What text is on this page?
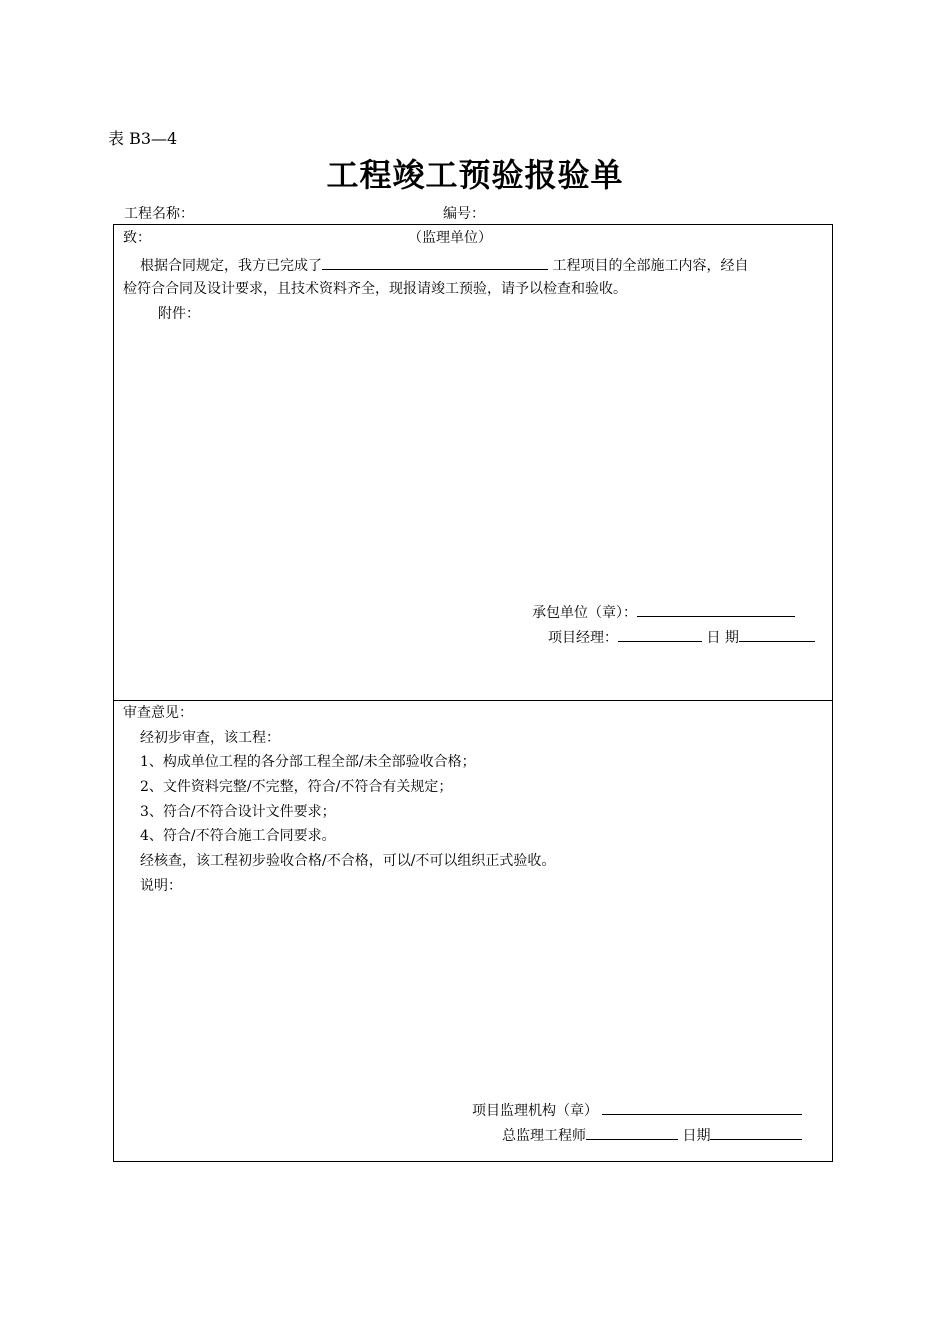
表 B3—4
工程竣工预验报验单
工程名称：	编号：
致：	（监理单位）
根据合同规定，我方已完成了	工程项目的全部施工内容，经自
检符合合同及设计要求，且技术资料齐全，现报请竣工预验，请予以检查和验收。
附件：
承包单位（章）：
项目经理：	日 期
审查意见：
经初步审查，该工程：
1、构成单位工程的各分部工程全部/未全部验收合格；
2、文件资料完整/不完整，符合/不符合有关规定；
3、符合/不符合设计文件要求；
4、符合/不符合施工合同要求。
经核查，该工程初步验收合格/不合格，可以/不可以组织正式验收。
说明：
项目监理机构（章）
总监理工程师	日期
